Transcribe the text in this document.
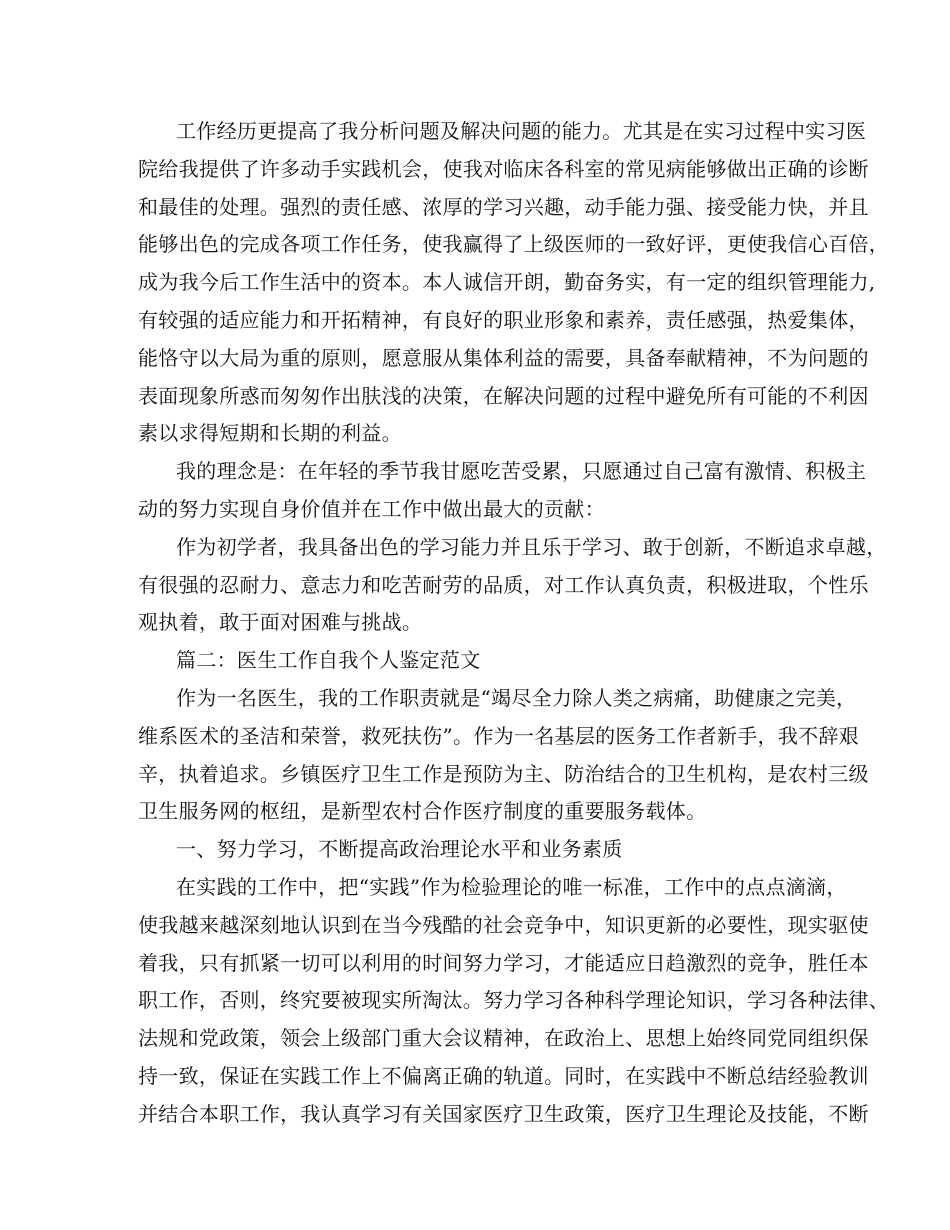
工作经历更提高了我分析问题及解决问题的能力。尤其是在实习过程中实习医
院给我提供了许多动手实践机会，使我对临床各科室的常见病能够做出正确的诊断
和最佳的处理。强烈的责任感、浓厚的学习兴趣，动手能力强、接受能力快，并且
能够出色的完成各项工作任务，使我赢得了上级医师的一致好评，更使我信心百倍，
成为我今后工作生活中的资本。本人诚信开朗，勤奋务实，有一定的组织管理能力,
有较强的适应能力和开拓精神，有良好的职业形象和素养，责任感强，热爱集体，
能恪守以大局为重的原则，愿意服从集体利益的需要，具备奉献精神，不为问题的
表面现象所惑而匆匆作出肤浅的决策，在解决问题的过程中避免所有可能的不利因
素以求得短期和长期的利益。
我的理念是：在年轻的季节我甘愿吃苦受累，只愿通过自己富有激情、积极主
动的努力实现自身价值并在工作中做出最大的贡献：
作为初学者，我具备出色的学习能力并且乐于学习、敢于创新，不断追求卓越，
有很强的忍耐力、意志力和吃苦耐劳的品质，对工作认真负责，积极进取，个性乐
观执着，敢于面对困难与挑战。
篇二：医生工作自我个人鉴定范文
作为一名医生，我的工作职责就是“竭尽全力除人类之病痛，助健康之完美，
维系医术的圣洁和荣誉，救死扶伤”。作为一名基层的医务工作者新手，我不辞艰
辛，执着追求。乡镇医疗卫生工作是预防为主、防治结合的卫生机构，是农村三级
卫生服务网的枢纽，是新型农村合作医疗制度的重要服务载体。
一、努力学习，不断提高政治理论水平和业务素质
在实践的工作中，把“实践”作为检验理论的唯一标准，工作中的点点滴滴，
使我越来越深刻地认识到在当今残酷的社会竞争中，知识更新的必要性，现实驱使
着我，只有抓紧一切可以利用的时间努力学习，才能适应日趋激烈的竞争，胜任本
职工作，否则，终究要被现实所淘汰。努力学习各种科学理论知识，学习各种法律、
法规和党政策，领会上级部门重大会议精神，在政治上、思想上始终同党同组织保
持一致，保证在实践工作上不偏离正确的轨道。同时，在实践中不断总结经验教训
并结合本职工作，我认真学习有关国家医疗卫生政策，医疗卫生理论及技能，不断
